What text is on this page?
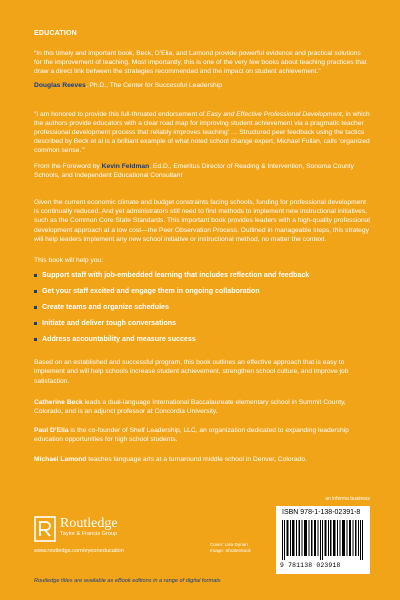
EDUCATION

“In this timely and important book, Beck, D’Elia, and Lamond provide powerful evidence and practical solutions for the improvement of teaching. Most importantly, this is one of the very few books about teaching practices that draw a direct link between the strategies recommended and the impact on student achievement.”

Douglas Reeves, Ph.D., The Center for Successful Leadership

“I am honored to provide this full-throated endorsement of Easy and Effective Professional Development, in which the authors provide educators with a clear road map for improving student achievement via a pragmatic teacher professional development process that reliably improves teaching’ … Structured peer feedback using the tactics described by Beck et al is a brilliant example of what noted school change expert, Michael Fullan, calls ‘organized common sense.’”

From the Foreword by Kevin Feldman, Ed.D., Emeritus Director of Reading & Intervention, Sonoma County Schools, and Independent Educational Consultant

Given the current economic climate and budget constraints facing schools, funding for professional development is continually reduced. And yet administrators still need to find methods to implement new instructional initiatives, such as the Common Core State Standards. This important book provides leaders with a high-quality professional development approach at a low cost—the Peer Observation Process. Outlined in manageable steps, this strategy will help leaders implement any new school initiative or instructional method, no matter the context.

This book will help you:

Support staff with job-embedded learning that includes reflection and feedback
Get your staff excited and engage them in ongoing collaboration
Create teams and organize schedules
Initiate and deliver tough conversations
Address accountability and measure success

Based on an established and successful program, this book outlines an effective approach that is easy to implement and will help schools increase student achievement, strengthen school culture, and improve job satisfaction.

Catherine Beck leads a dual-language International Baccalaureate elementary school in Summit County, Colorado, and is an adjunct professor at Concordia University.

Paul D’Elia is the co-founder of Shelf Leadership, LLC, an organization dedicated to expanding leadership education opportunities for high school students.

Michael Lamond teaches language arts at a turnaround middle school in Denver, Colorado.

an informa business
Routledge
Taylor & Francis Group
www.routledge.com/eyeoneducation
Cover: Lisa Dynan
Image: Shutterstock
ISBN 978-1-138-02391-8
9 781138 023918
Routledge titles are available as eBook editions in a range of digital formats
